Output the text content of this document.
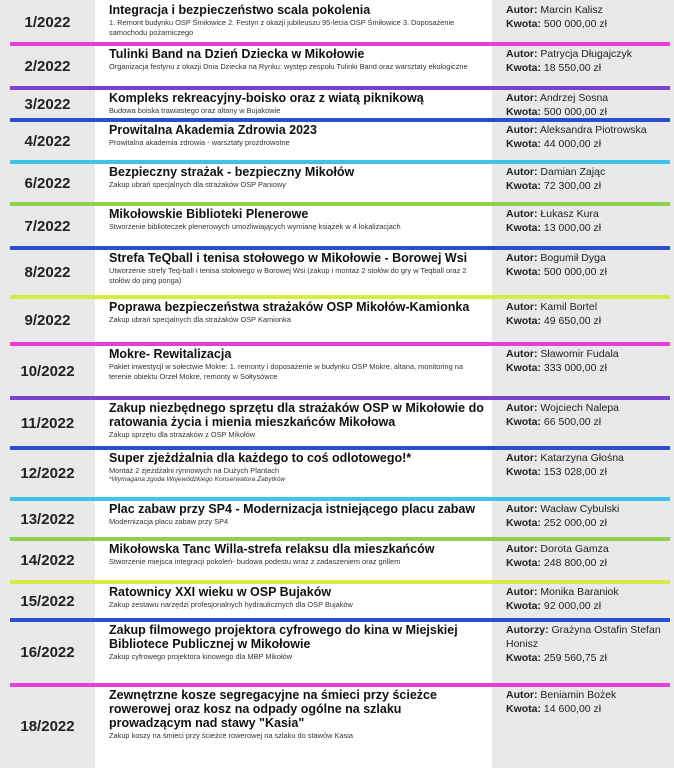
1/2022
Integracja i bezpieczeństwo scala pokolenia
1. Remont budynku OSP Śmiłowice 2. Festyn z okazji jubileuszu 95-lecia OSP Śmiłowice 3. Doposażenie samochodu pożarniczego
Autor: Marcin Kalisz
Kwota: 500 000,00 zł
2/2022
Tulinki Band na Dzień Dziecka w Mikołowie
Organizacja festynu z okazji Dnia Dziecka na Rynku: występ zespołu Tulinki Band oraz warsztaty ekologiczne
Autor: Patrycja Długajczyk
Kwota: 18 550,00 zł
3/2022	Kompleks rekreacyjny-boisko oraz z wiatą piknikową
Budowa boiska trawiastego oraz altany w Bujakowie
Autor: Andrzej Sosna
Kwota: 500 000,00 zł
4/2022
Prowitalna Akademia Zdrowia 2023
Prowitalna akademia zdrowia - warsztaty prozdrowotne
Autor: Aleksandra Piotrowska
Kwota: 44 000,00 zł
6/2022
Bezpieczny strażak - bezpieczny Mikołów
Zakup ubrań specjalnych dla strażaków OSP Paniowy
Autor: Damian Zając
Kwota: 72 300,00 zł
7/2022
Mikołowskie Biblioteki Plenerowe
Stworzenie biblioteczek plenerowych umożliwiających wymianę książek w 4 lokalizacjach
Autor: Łukasz Kura
Kwota: 13 000,00 zł
8/2022
Strefa TeQball i tenisa stołowego w Mikołowie - Borowej Wsi
Utworzenie strefy Teq-ball i tenisa stołowego w Borowej Wsi (zakup i montaż 2 stołów do gry w Teqball oraz 2 stołów do ping ponga)
Autor: Bogumił Dyga
Kwota: 500 000,00 zł
9/2022
Poprawa bezpieczeństwa strażaków OSP Mikołów-Kamionka
Zakup ubrań specjalnych dla strażaków OSP Kamionka
Autor: Kamil Bortel
Kwota: 49 650,00 zł
10/2022
Mokre- Rewitalizacja
Pakiet inwestycji w sołectwie Mokre: 1. remonty i doposażenie w budynku OSP Mokre, altana, monitoring na terenie obiektu Orzeł Mokre, remonty w Sołtysówce
Autor: Sławomir Fudala
Kwota: 333 000,00 zł
11/2022
Zakup niezbędnego sprzętu dla strażaków OSP w Mikołowie do ratowania życia i mienia mieszkańców Mikołowa
Zakup sprzętu dla strażaków z OSP Mikołów
Autor: Wojciech Nalepa
Kwota: 66 500,00 zł
12/2022
Super zjeżdżalnia dla każdego to coś odlotowego!*
Montaż 2 zjeżdżalni rynnowych na Dużych Plantach
*Wymagana zgoda Wojewódzkiego Konserwatora Zabytków
Autor: Katarzyna Głośna
Kwota: 153 028,00 zł
13/2022
Plac zabaw przy SP4 - Modernizacja istniejącego placu zabaw
Modernizacja placu zabaw przy SP4
Autor: Wacław Cybulski
Kwota: 252 000,00 zł
14/2022
Mikołowska Tanc Willa-strefa relaksu dla mieszkańców
Stworzenie miejsca integracji pokoleń- budowa podestu wraz z zadaszeniem oraz grillem
Autor: Dorota Gamza
Kwota: 248 800,00 zł
15/2022
Ratownicy XXI wieku w OSP Bujaków
Zakup zestawu narzędzi profesjonalnych hydraulicznych dla OSP Bujaków
Autor: Monika Baraniok
Kwota: 92 000,00 zł
16/2022
Zakup filmowego projektora cyfrowego do kina w Miejskiej Bibliotece Publicznej w Mikołowie
Zakup cyfrowego projektora kinowego dla MBP Mikołów
Autorzy: Grażyna Ostafin Stefan Honisz
Kwota: 259 560,75 zł
18/2022
Zewnętrzne kosze segregacyjne na śmieci przy ścieżce rowerowej oraz kosz na odpady ogólne na szlaku prowadzącym nad stawy "Kasia"
Zakup koszy na śmieci przy ścieżce rowerowej na szlaku do stawów Kasia
Autor: Beniamin Bożek
Kwota: 14 600,00 zł
